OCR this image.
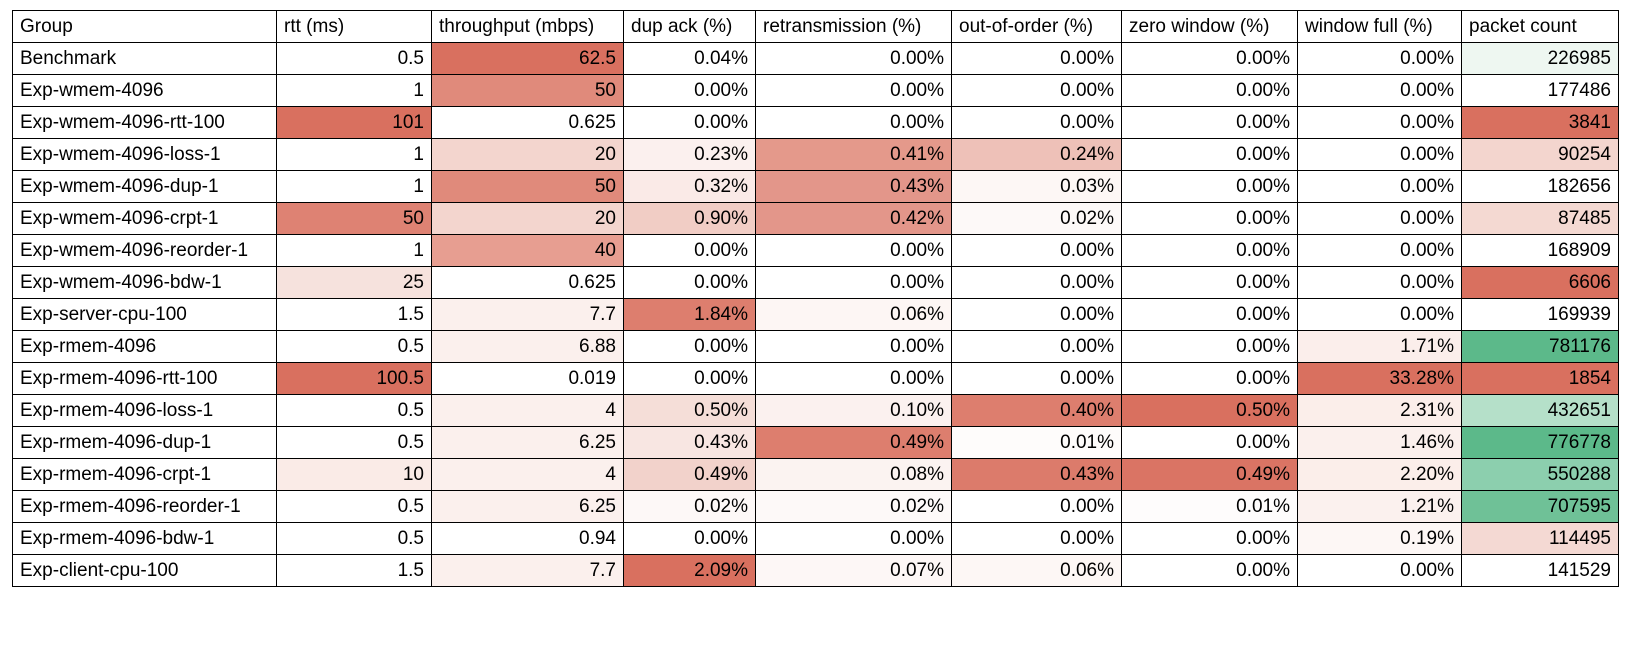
Group	rtt (ms)	throughput (mbps)	dup ack (%)	retransmission (%)	out-of-order (%)	zero window (%)	window full (%)	packet count
Benchmark	0.5	62.5	0.04%	0.00%	0.00%	0.00%	0.00%	226985
Exp-wmem-4096	1	50	0.00%	0.00%	0.00%	0.00%	0.00%	177486
Exp-wmem-4096-rtt-100	101	0.625	0.00%	0.00%	0.00%	0.00%	0.00%	3841
Exp-wmem-4096-loss-1	1	20	0.23%	0.41%	0.24%	0.00%	0.00%	90254
Exp-wmem-4096-dup-1	1	50	0.32%	0.43%	0.03%	0.00%	0.00%	182656
Exp-wmem-4096-crpt-1	50	20	0.90%	0.42%	0.02%	0.00%	0.00%	87485
Exp-wmem-4096-reorder-1	1	40	0.00%	0.00%	0.00%	0.00%	0.00%	168909
Exp-wmem-4096-bdw-1	25	0.625	0.00%	0.00%	0.00%	0.00%	0.00%	6606
Exp-server-cpu-100	1.5	7.7	1.84%	0.06%	0.00%	0.00%	0.00%	169939
Exp-rmem-4096	0.5	6.88	0.00%	0.00%	0.00%	0.00%	1.71%	781176
Exp-rmem-4096-rtt-100	100.5	0.019	0.00%	0.00%	0.00%	0.00%	33.28%	1854
Exp-rmem-4096-loss-1	0.5	4	0.50%	0.10%	0.40%	0.50%	2.31%	432651
Exp-rmem-4096-dup-1	0.5	6.25	0.43%	0.49%	0.01%	0.00%	1.46%	776778
Exp-rmem-4096-crpt-1	10	4	0.49%	0.08%	0.43%	0.49%	2.20%	550288
Exp-rmem-4096-reorder-1	0.5	6.25	0.02%	0.02%	0.00%	0.01%	1.21%	707595
Exp-rmem-4096-bdw-1	0.5	0.94	0.00%	0.00%	0.00%	0.00%	0.19%	114495
Exp-client-cpu-100	1.5	7.7	2.09%	0.07%	0.06%	0.00%	0.00%	141529
